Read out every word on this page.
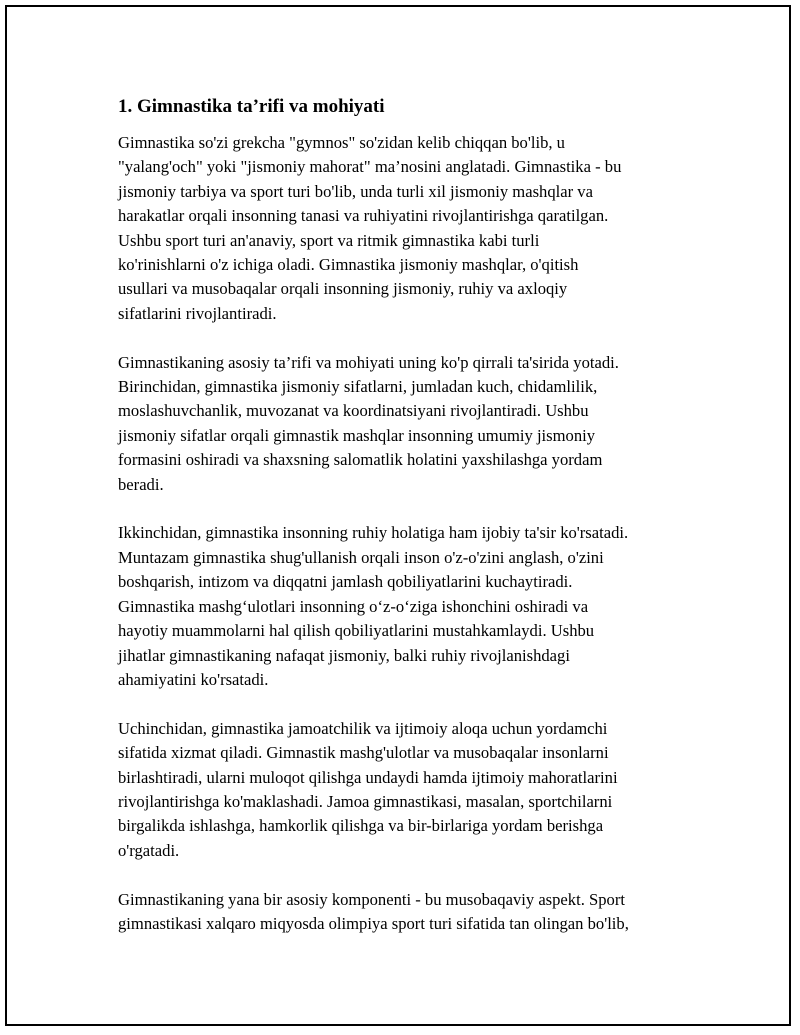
1. Gimnastika ta’rifi va mohiyati

Gimnastika so'zi grekcha "gymnos" so'zidan kelib chiqqan bo'lib, u
"yalang'och" yoki "jismoniy mahorat" ma’nosini anglatadi. Gimnastika - bu
jismoniy tarbiya va sport turi bo'lib, unda turli xil jismoniy mashqlar va
harakatlar orqali insonning tanasi va ruhiyatini rivojlantirishga qaratilgan.
Ushbu sport turi an'anaviy, sport va ritmik gimnastika kabi turli
ko'rinishlarni o'z ichiga oladi. Gimnastika jismoniy mashqlar, o'qitish
usullari va musobaqalar orqali insonning jismoniy, ruhiy va axloqiy
sifatlarini rivojlantiradi.

Gimnastikaning asosiy ta’rifi va mohiyati uning ko'p qirrali ta'sirida yotadi.
Birinchidan, gimnastika jismoniy sifatlarni, jumladan kuch, chidamlilik,
moslashuvchanlik, muvozanat va koordinatsiyani rivojlantiradi. Ushbu
jismoniy sifatlar orqali gimnastik mashqlar insonning umumiy jismoniy
formasini oshiradi va shaxsning salomatlik holatini yaxshilashga yordam
beradi.

Ikkinchidan, gimnastika insonning ruhiy holatiga ham ijobiy ta'sir ko'rsatadi.
Muntazam gimnastika shug'ullanish orqali inson o'z-o'zini anglash, o'zini
boshqarish, intizom va diqqatni jamlash qobiliyatlarini kuchaytiradi.
Gimnastika mashg‘ulotlari insonning o‘z-o‘ziga ishonchini oshiradi va
hayotiy muammolarni hal qilish qobiliyatlarini mustahkamlaydi. Ushbu
jihatlar gimnastikaning nafaqat jismoniy, balki ruhiy rivojlanishdagi
ahamiyatini ko'rsatadi.

Uchinchidan, gimnastika jamoatchilik va ijtimoiy aloqa uchun yordamchi
sifatida xizmat qiladi. Gimnastik mashg'ulotlar va musobaqalar insonlarni
birlashtiradi, ularni muloqot qilishga undaydi hamda ijtimoiy mahoratlarini
rivojlantirishga ko'maklashadi. Jamoa gimnastikasi, masalan, sportchilarni
birgalikda ishlashga, hamkorlik qilishga va bir-birlariga yordam berishga
o'rgatadi.

Gimnastikaning yana bir asosiy komponenti - bu musobaqaviy aspekt. Sport
gimnastikasi xalqaro miqyosda olimpiya sport turi sifatida tan olingan bo'lib,
